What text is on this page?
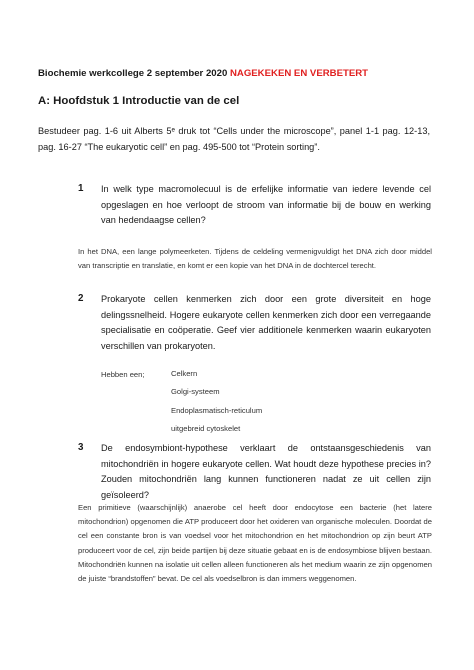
Biochemie werkcollege 2 september 2020 NAGEKEKEN EN VERBETERT
A: Hoofdstuk 1 Introductie van de cel
Bestudeer pag. 1-6 uit Alberts 5ᵉ druk tot “Cells under the microscope”, panel 1-1 pag. 12-13, pag. 16-27 “The eukaryotic cell” en pag. 495-500 tot “Protein sorting”.
1 In welk type macromolecuul is de erfelijke informatie van iedere levende cel opgeslagen en hoe verloopt de stroom van informatie bij de bouw en werking van hedendaagse cellen?
In het DNA, een lange polymeerketen. Tijdens de celdeling vermenigvuldigt het DNA zich door middel van transcriptie en translatie, en komt er een kopie van het DNA in de dochtercel terecht.
2 Prokaryote cellen kenmerken zich door een grote diversiteit en hoge delingssnelheid. Hogere eukaryote cellen kenmerken zich door een verregaande specialisatie en coöperatie. Geef vier additionele kenmerken waarin eukaryoten verschillen van prokaryoten.
Hebben een;	Celkern
Golgi-systeem
Endoplasmatisch-reticulum
uitgebreid cytoskelet
3 De endosymbiont-hypothese verklaart de ontstaansgeschiedenis van mitochondriën in hogere eukaryote cellen. Wat houdt deze hypothese precies in? Zouden mitochondriën lang kunnen functioneren nadat ze uit cellen zijn geïsoleerd?
Een primitieve (waarschijnlijk) anaerobe cel heeft door endocytose een bacterie (het latere mitochondrion) opgenomen die ATP produceert door het oxideren van organische moleculen. Doordat de cel een constante bron is van voedsel voor het mitochondrion en het mitochondrion op zijn beurt ATP produceert voor de cel, zijn beide partijen bij deze situatie gebaat en is de endosymbiose blijven bestaan. Mitochondriën kunnen na isolatie uit cellen alleen functioneren als het medium waarin ze zijn opgenomen de juiste “brandstoffen” bevat. De cel als voedselbron is dan immers weggenomen.
